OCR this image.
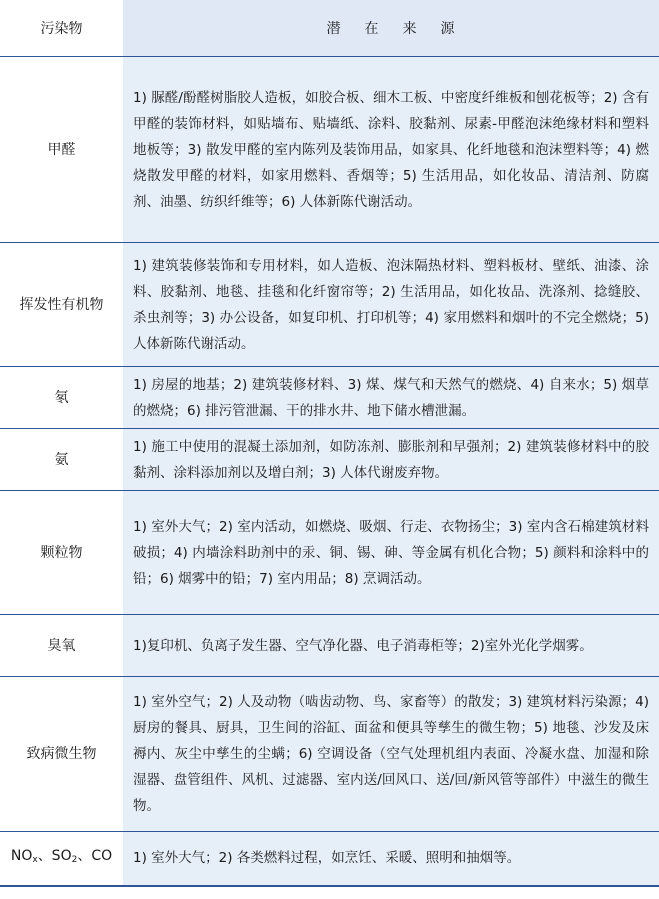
污染物	潜在来源
甲醛	1) 脲醛/酚醛树脂胶人造板，如胶合板、细木工板、中密度纤维板和刨花板等；2) 含有甲醛的装饰材料，如贴墙布、贴墙纸、涂料、胶黏剂、尿素-甲醛泡沫绝缘材料和塑料地板等；3) 散发甲醛的室内陈列及装饰用品，如家具、化纤地毯和泡沫塑料等；4) 燃烧散发甲醛的材料，如家用燃料、香烟等；5) 生活用品，如化妆品、清洁剂、防腐剂、油墨、纺织纤维等；6) 人体新陈代谢活动。
挥发性有机物	1) 建筑装修装饰和专用材料，如人造板、泡沫隔热材料、塑料板材、壁纸、油漆、涂料、胶黏剂、地毯、挂毯和化纤窗帘等；2) 生活用品，如化妆品、洗涤剂、捻缝胶、杀虫剂等；3) 办公设备，如复印机、打印机等；4) 家用燃料和烟叶的不完全燃烧；5) 人体新陈代谢活动。
氡	1) 房屋的地基；2) 建筑装修材料、3) 煤、煤气和天然气的燃烧、4) 自来水；5) 烟草的燃烧；6) 排污管泄漏、干的排水井、地下储水槽泄漏。
氨	1) 施工中使用的混凝土添加剂，如防冻剂、膨胀剂和早强剂；2) 建筑装修材料中的胶黏剂、涂料添加剂以及增白剂；3) 人体代谢废弃物。
颗粒物	1) 室外大气；2) 室内活动，如燃烧、吸烟、行走、衣物扬尘；3) 室内含石棉建筑材料破损；4) 内墙涂料助剂中的汞、铜、锡、砷、等金属有机化合物；5) 颜料和涂料中的铅；6) 烟雾中的铅；7) 室内用品；8) 烹调活动。
臭氧	1)复印机、负离子发生器、空气净化器、电子消毒柜等；2)室外光化学烟雾。
致病微生物	1) 室外空气；2) 人及动物（啮齿动物、鸟、家畜等）的散发；3) 建筑材料污染源；4) 厨房的餐具、厨具，卫生间的浴缸、面盆和便具等孳生的微生物；5) 地毯、沙发及床褥内、灰尘中孳生的尘螨；6) 空调设备（空气处理机组内表面、冷凝水盘、加湿和除湿器、盘管组件、风机、过滤器、室内送/回风口、送/回/新风管等部件）中滋生的微生物。
$NO_x$、$SO_2$、CO	1) 室外大气；2) 各类燃料过程，如烹饪、采暖、照明和抽烟等。
